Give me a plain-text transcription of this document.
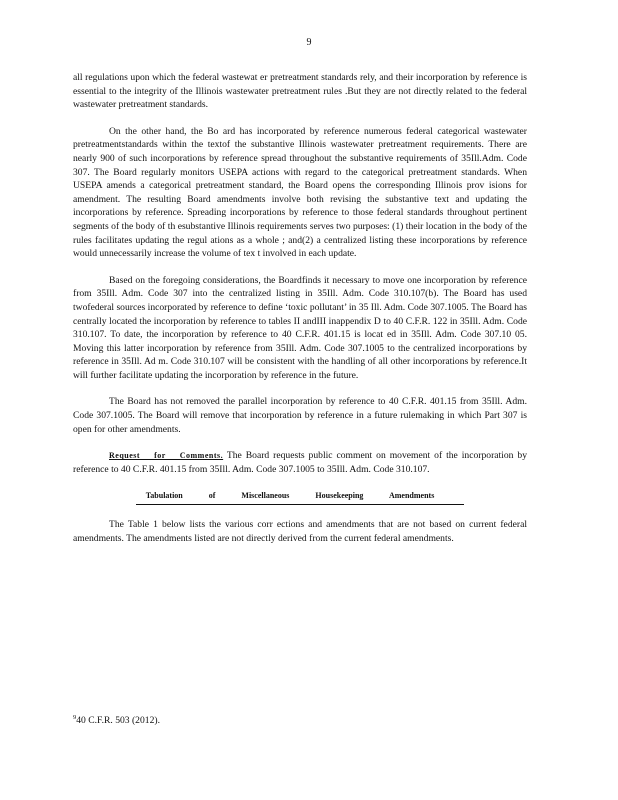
9

all regulations upon which the federal wastewat er pretreatment standards rely, and their incorporation by reference is essential to the integrity of the Illinois wastewater pretreatment rules .But they are not directly related to the federal wastewater pretreatment standards.

On the other hand, the Bo ard has incorporated by reference numerous federal categorical wastewater pretreatmentstandards within the textof the substantive Illinois wastewater pretreatment requirements. There are nearly 900 of such incorporations by reference spread throughout the substantive requirements of 35Ill.Adm. Code 307. The Board regularly monitors USEPA actions with regard to the categorical pretreatment standards. When USEPA amends a categorical pretreatment standard, the Board opens the corresponding Illinois prov isions for amendment. The resulting Board amendments involve both revising the substantive text and updating the incorporations by reference. Spreading incorporations by reference to those federal standards throughout pertinent segments of the body of th esubstantive Illinois requirements serves two purposes: (1) their location in the body of the rules facilitates updating the regul ations as a whole ; and(2) a centralized listing these incorporations by reference would unnecessarily increase the volume of tex t involved in each update.

Based on the foregoing considerations, the Boardfinds it necessary to move one incorporation by reference from 35Ill. Adm. Code 307 into the centralized listing in 35Ill. Adm. Code 310.107(b). The Board has used twofederal sources incorporated by reference to define ‘toxic pollutant’ in 35 Ill. Adm. Code 307.1005. The Board has centrally located the incorporation by reference to tables II andIII inappendix D to 40 C.F.R. 122 in 35Ill. Adm. Code 310.107. To date, the incorporation by reference to 40 C.F.R. 401.15 is locat ed in 35Ill. Adm. Code 307.10 05. Moving this latter incorporation by reference from 35Ill. Adm. Code 307.1005 to the centralized incorporations by reference in 35Ill. Ad m. Code 310.107 will be consistent with the handling of all other incorporations by reference.It will further facilitate updating the incorporation by reference in the future.

The Board has not removed the parallel incorporation by reference to 40 C.F.R. 401.15 from 35Ill. Adm. Code 307.1005. The Board will remove that incorporation by reference in a future rulemaking in which Part 307 is open for other amendments.

Request for Comments. The Board requests public comment on movement of the incorporation by reference to 40 C.F.R. 401.15 from 35Ill. Adm. Code 307.1005 to 35Ill. Adm. Code 310.107.

Tabulation of Miscellaneous Housekeeping Amendments

The Table 1 below lists the various corr ections and amendments that are not based on current federal amendments. The amendments listed are not directly derived from the current federal amendments.

$^9$40 C.F.R. 503 (2012).
